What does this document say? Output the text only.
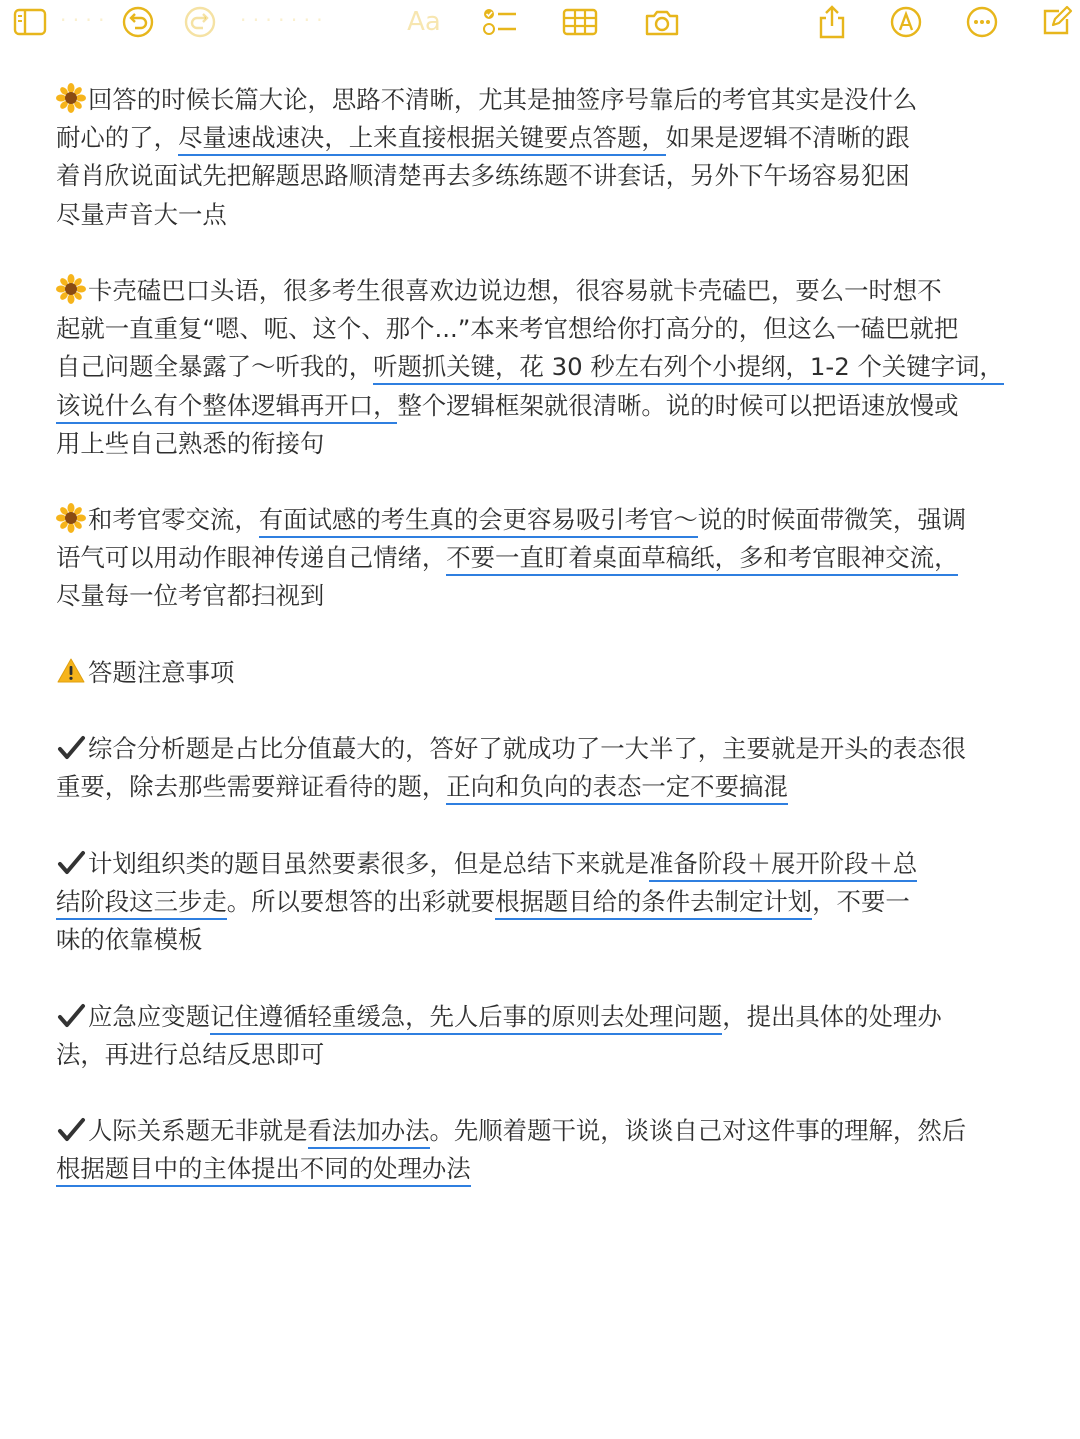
· · · ·	· · · · · · ·	Aa
回答的时候长篇大论，思路不清晰，尤其是抽签序号靠后的考官其实是没什么
耐心的了，尽量速战速决，上来直接根据关键要点答题，如果是逻辑不清晰的跟
着肖欣说面试先把解题思路顺清楚再去多练练题不讲套话，另外下午场容易犯困
尽量声音大一点
卡壳磕巴口头语，很多考生很喜欢边说边想，很容易就卡壳磕巴，要么一时想不
起就一直重复“嗯、呃、这个、那个...”本来考官想给你打高分的，但这么一磕巴就把
自己问题全暴露了～听我的，听题抓关键，花 30 秒左右列个小提纲，1-2 个关键字词，
该说什么有个整体逻辑再开口，整个逻辑框架就很清晰。说的时候可以把语速放慢或
用上些自己熟悉的衔接句
和考官零交流，有面试感的考生真的会更容易吸引考官～说的时候面带微笑，强调
语气可以用动作眼神传递自己情绪，不要一直盯着桌面草稿纸，多和考官眼神交流，
尽量每一位考官都扫视到
答题注意事项
综合分析题是占比分值蕞大的，答好了就成功了一大半了，主要就是开头的表态很
重要，除去那些需要辩证看待的题，正向和负向的表态一定不要搞混
计划组织类的题目虽然要素很多，但是总结下来就是准备阶段＋展开阶段＋总
结阶段这三步走。所以要想答的出彩就要根据题目给的条件去制定计划，不要一
味的依靠模板
应急应变题记住遵循轻重缓急，先人后事的原则去处理问题，提出具体的处理办
法，再进行总结反思即可
人际关系题无非就是看法加办法。先顺着题干说，谈谈自己对这件事的理解，然后
根据题目中的主体提出不同的处理办法
